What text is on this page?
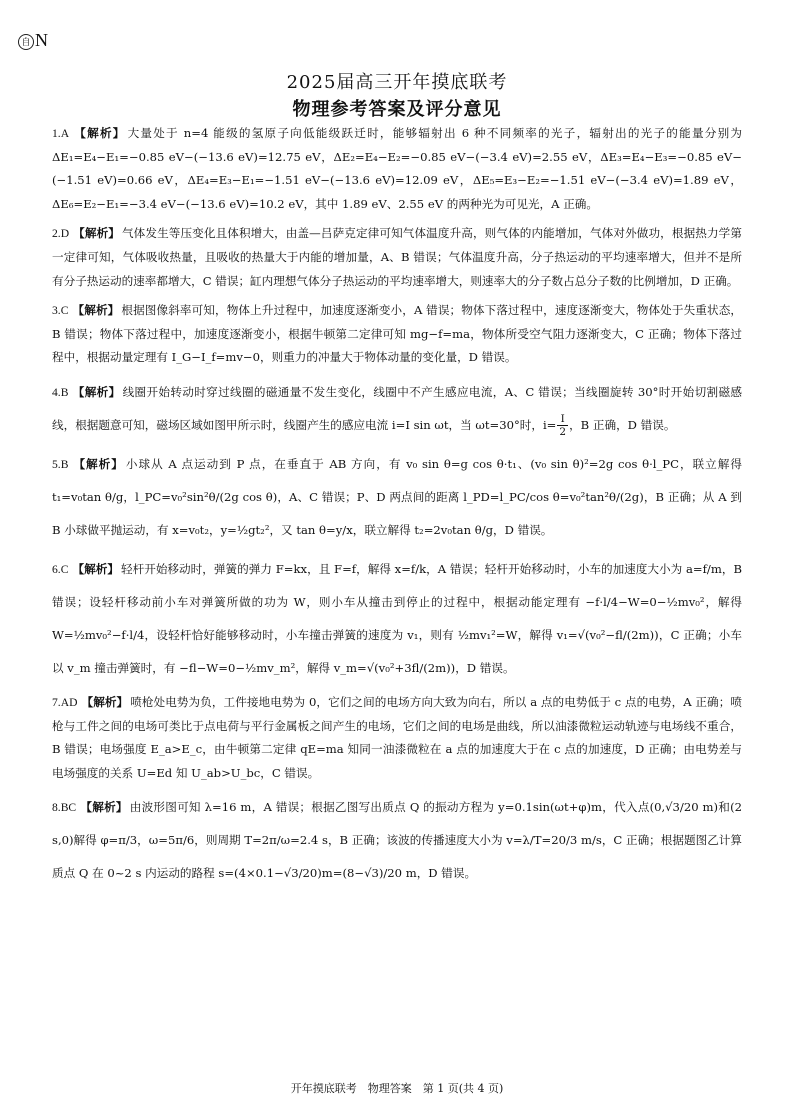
自 N
2025届高三开年摸底联考
物理参考答案及评分意见

1.A 【解析】 大量处于 n=4 能级的氢原子向低能级跃迁时，能够辐射出 6 种不同频率的光子，辐射出的光子的能量分别为 ΔE₁=E₄−E₁=−0.85 eV−(−13.6 eV)=12.75 eV，ΔE₂=E₄−E₂=−0.85 eV−(−3.4 eV)=2.55 eV，ΔE₃=E₄−E₃=−0.85 eV−(−1.51 eV)=0.66 eV，ΔE₄=E₃−E₁=−1.51 eV−(−13.6 eV)=12.09 eV，ΔE₅=E₃−E₂=−1.51 eV−(−3.4 eV)=1.89 eV，ΔE₆=E₂−E₁=−3.4 eV−(−13.6 eV)=10.2 eV，其中 1.89 eV、2.55 eV 的两种光为可见光，A 正确。

2.D 【解析】 气体发生等压变化且体积增大，由盖—吕萨克定律可知气体温度升高，则气体的内能增加，气体对外做功，根据热力学第一定律可知，气体吸收热量，且吸收的热量大于内能的增加量，A、B 错误；气体温度升高，分子热运动的平均速率增大，但并不是所有分子热运动的速率都增大，C 错误；缸内理想气体分子热运动的平均速率增大，则速率大的分子数占总分子数的比例增加，D 正确。

3.C 【解析】 根据图像斜率可知，物体上升过程中，加速度逐渐变小，A 错误；物体下落过程中，速度逐渐变大，物体处于失重状态，B 错误；物体下落过程中，加速度逐渐变小，根据牛顿第二定律可知 mg−f=ma，物体所受空气阻力逐渐变大，C 正确；物体下落过程中，根据动量定理有 I_G−I_f=mv−0，则重力的冲量大于物体动量的变化量，D 错误。

4.B 【解析】 线圈开始转动时穿过线圈的磁通量不发生变化，线圈中不产生感应电流，A、C 错误；当线圈旋转 30°时开始切割磁感线，根据题意可知，磁场区域如图甲所示时，线圈产生的感应电流 i=I sin ωt，当 ωt=30°时，$i= \frac{I}{2}$ ，B 正确，D 错误。

5.B 【解析】 小球从 A 点运动到 P 点，在垂直于 AB 方向，有 v₀ sin θ=g cos θ·t₁、(v₀ sin θ)²=2g cos θ·l_PC，联立解得 t₁=v₀tan θ/g，l_PC=v₀²sin²θ/(2g cos θ)，A、C 错误；P、D 两点间的距离 l_PD=l_PC/cos θ=v₀²tan²θ/(2g)，B 正确；从 A 到 B 小球做平抛运动，有 x=v₀t₂，y=½gt₂²，又 tan θ=y/x，联立解得 t₂=2v₀tan θ/g，D 错误。

6.C 【解析】 轻杆开始移动时，弹簧的弹力 F=kx，且 F=f，解得 x=f/k，A 错误；轻杆开始移动时，小车的加速度大小为 a=f/m，B 错误；设轻杆移动前小车对弹簧所做的功为 W，则小车从撞击到停止的过程中，根据动能定理有 −f·l/4−W=0−½mv₀²，解得 W=½mv₀²−f·l/4，设轻杆恰好能够移动时，小车撞击弹簧的速度为 v₁，则有 ½mv₁²=W，解得 v₁=√(v₀²−fl/(2m))，C 正确；小车以 v_m 撞击弹簧时，有 −fl−W=0−½mv_m²，解得 v_m=√(v₀²+3fl/(2m))，D 错误。

7.AD 【解析】 喷枪处电势为负，工件接地电势为 0，它们之间的电场方向大致为向右，所以 a 点的电势低于 c 点的电势，A 正确；喷枪与工件之间的电场可类比于点电荷与平行金属板之间产生的电场，它们之间的电场是曲线，所以油漆微粒运动轨迹与电场线不重合，B 错误；电场强度 E_a>E_c，由牛顿第二定律 qE=ma 知同一油漆微粒在 a 点的加速度大于在 c 点的加速度，D 正确；由电势差与电场强度的关系 U=Ed 知 U_ab>U_bc，C 错误。

8.BC 【解析】 由波形图可知 λ=16 m，A 错误；根据乙图写出质点 Q 的振动方程为 y=0.1sin(ωt+φ)m，代入点(0,√3/20 m)和(2 s,0)解得 φ=π/3，ω=5π/6，则周期 T=2π/ω=2.4 s，B 正确；该波的传播速度大小为 v=λ/T=20/3 m/s，C 正确；根据题图乙计算质点 Q 在 0~2 s 内运动的路程 s=(4×0.1−√3/20)m=(8−√3)/20 m，D 错误。

开年摸底联考　物理答案　第 1 页(共 4 页)
